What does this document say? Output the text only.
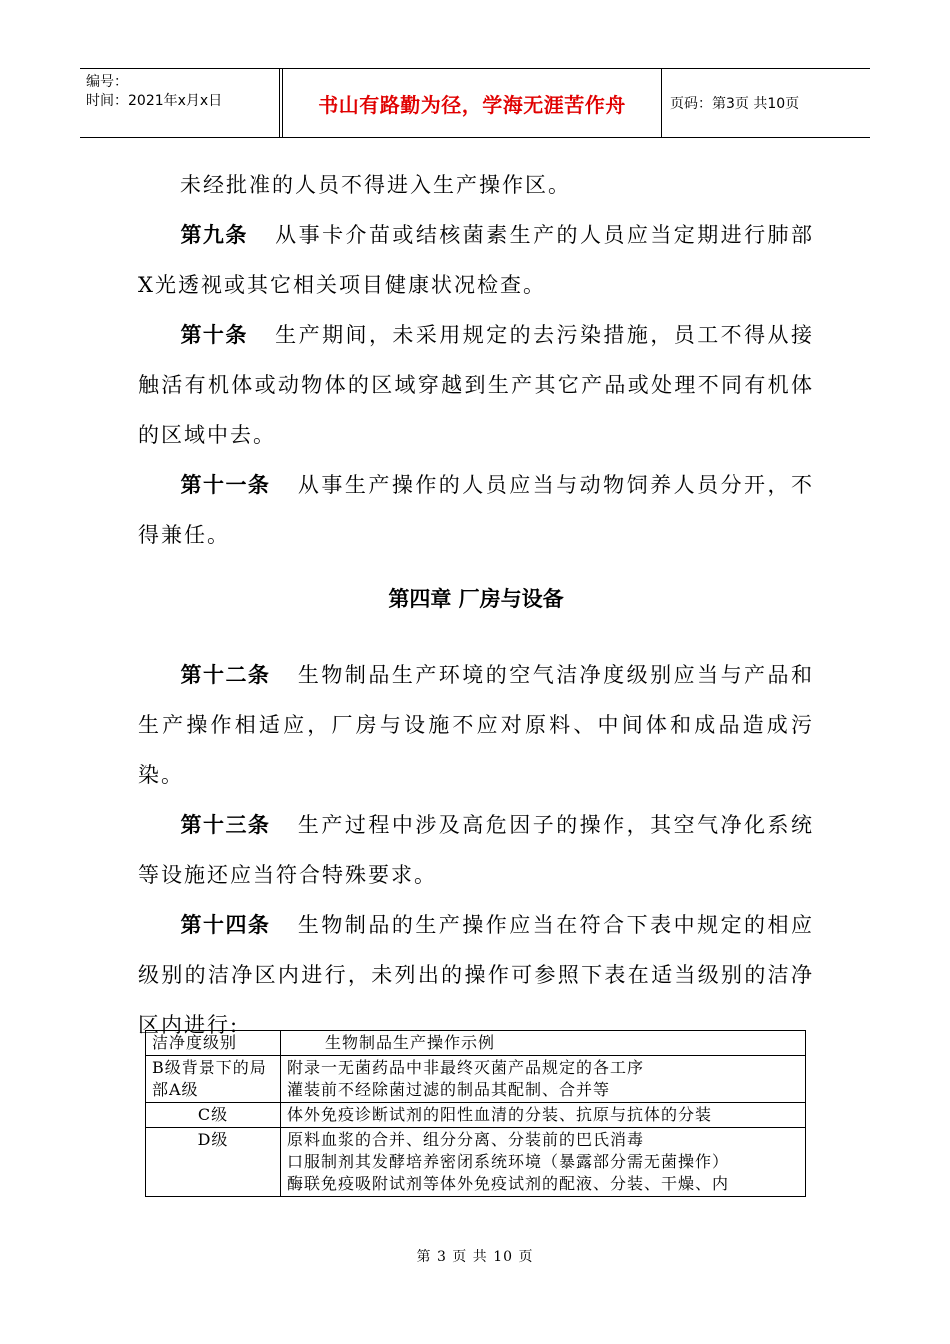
编号：
时间：2021年x月x日	书山有路勤为径，学海无涯苦作舟	页码：第3页 共10页

未经批准的人员不得进入生产操作区。

第九条 从事卡介苗或结核菌素生产的人员应当定期进行肺部X光透视或其它相关项目健康状况检查。

第十条 生产期间，未采用规定的去污染措施，员工不得从接触活有机体或动物体的区域穿越到生产其它产品或处理不同有机体的区域中去。

第十一条 从事生产操作的人员应当与动物饲养人员分开，不得兼任。

第四章 厂房与设备

第十二条 生物制品生产环境的空气洁净度级别应当与产品和生产操作相适应，厂房与设施不应对原料、中间体和成品造成污染。

第十三条 生产过程中涉及高危因子的操作，其空气净化系统等设施还应当符合特殊要求。

第十四条 生物制品的生产操作应当在符合下表中规定的相应级别的洁净区内进行，未列出的操作可参照下表在适当级别的洁净区内进行:

洁净度级别	生物制品生产操作示例
B级背景下的局部A级	附录一无菌药品中非最终灭菌产品规定的各工序
灌装前不经除菌过滤的制品其配制、合并等

C级	体外免疫诊断试剂的阳性血清的分装、抗原与抗体的分装

D级	原料血浆的合并、组分分离、分装前的巴氏消毒
口服制剂其发酵培养密闭系统环境（暴露部分需无菌操作）
酶联免疫吸附试剂等体外免疫试剂的配液、分装、干燥、内
第 3 页 共 10 页
